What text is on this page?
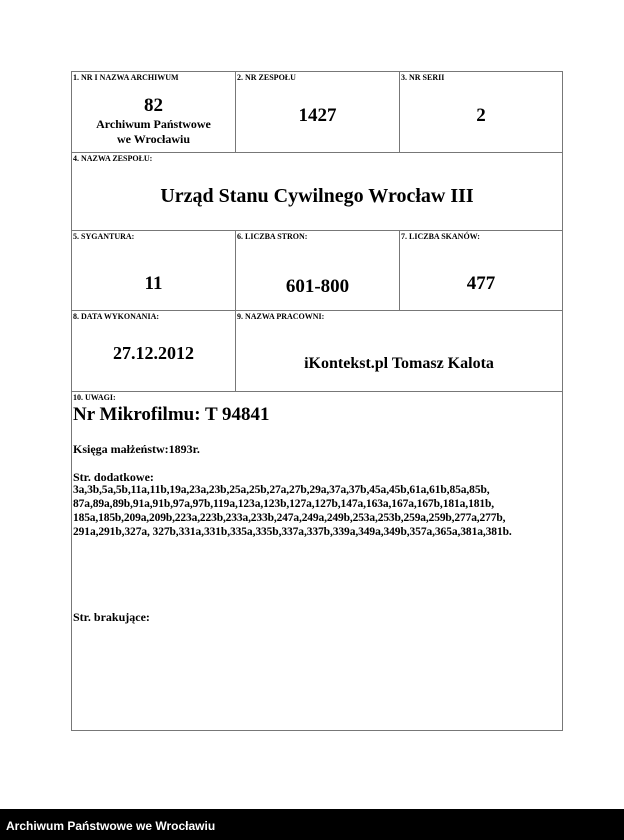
1. NR I NAZWA ARCHIWUM
82
Archiwum Państwowe
we Wrocławiu
2. NR ZESPOŁU
1427
3. NR SERII
2
4. NAZWA ZESPOŁU:
Urząd Stanu Cywilnego Wrocław III
5. SYGANTURA:
11
6. LICZBA STRON:
601-800
7. LICZBA SKANÓW:
477
8. DATA WYKONANIA:
27.12.2012
9. NAZWA PRACOWNI:
iKontekst.pl Tomasz Kalota
10. UWAGI:
Nr Mikrofilmu: T 94841
Księga małżeństw:1893r.
Str. dodatkowe:
3a,3b,5a,5b,11a,11b,19a,23a,23b,25a,25b,27a,27b,29a,37a,37b,45a,45b,61a,61b,85a,85b,
87a,89a,89b,91a,91b,97a,97b,119a,123a,123b,127a,127b,147a,163a,167a,167b,181a,181b,
185a,185b,209a,209b,223a,223b,233a,233b,247a,249a,249b,253a,253b,259a,259b,277a,277b,
291a,291b,327a, 327b,331a,331b,335a,335b,337a,337b,339a,349a,349b,357a,365a,381a,381b.
Str. brakujące:
Archiwum Państwowe we Wrocławiu
